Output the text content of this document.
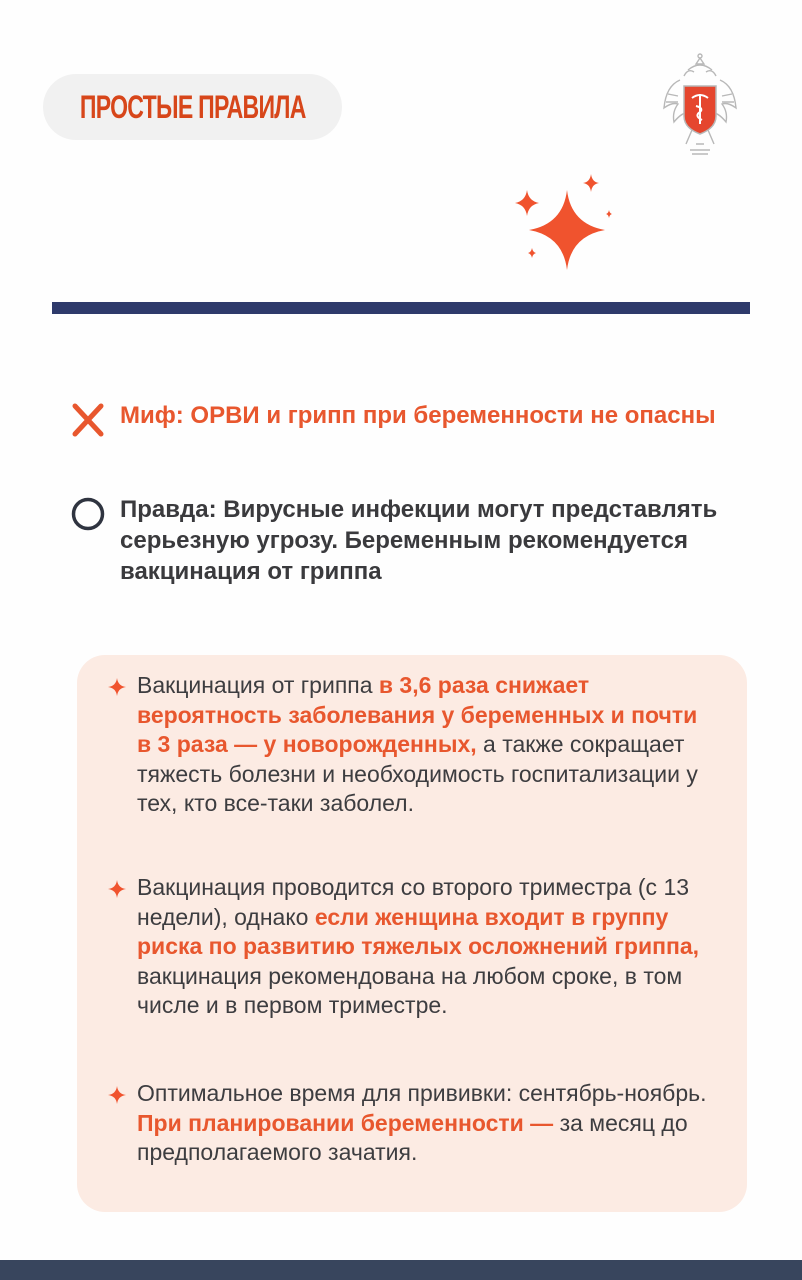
ПРОСТЫЕ ПРАВИЛА
Миф: ОРВИ и грипп при беременности не опасны
Правда: Вирусные инфекции могут представлять серьезную угрозу. Беременным рекомендуется вакцинация от гриппа
Вакцинация от гриппа в 3,6 раза снижает вероятность заболевания у беременных и почти в 3 раза — у новорожденных, а также сокращает тяжесть болезни и необходимость госпитализации у тех, кто все-таки заболел.
Вакцинация проводится со второго триместра (с 13 недели), однако если женщина входит в группу риска по развитию тяжелых осложнений гриппа, вакцинация рекомендована на любом сроке, в том числе и в первом триместре.
Оптимальное время для прививки: сентябрь-ноябрь. При планировании беременности — за месяц до предполагаемого зачатия.
